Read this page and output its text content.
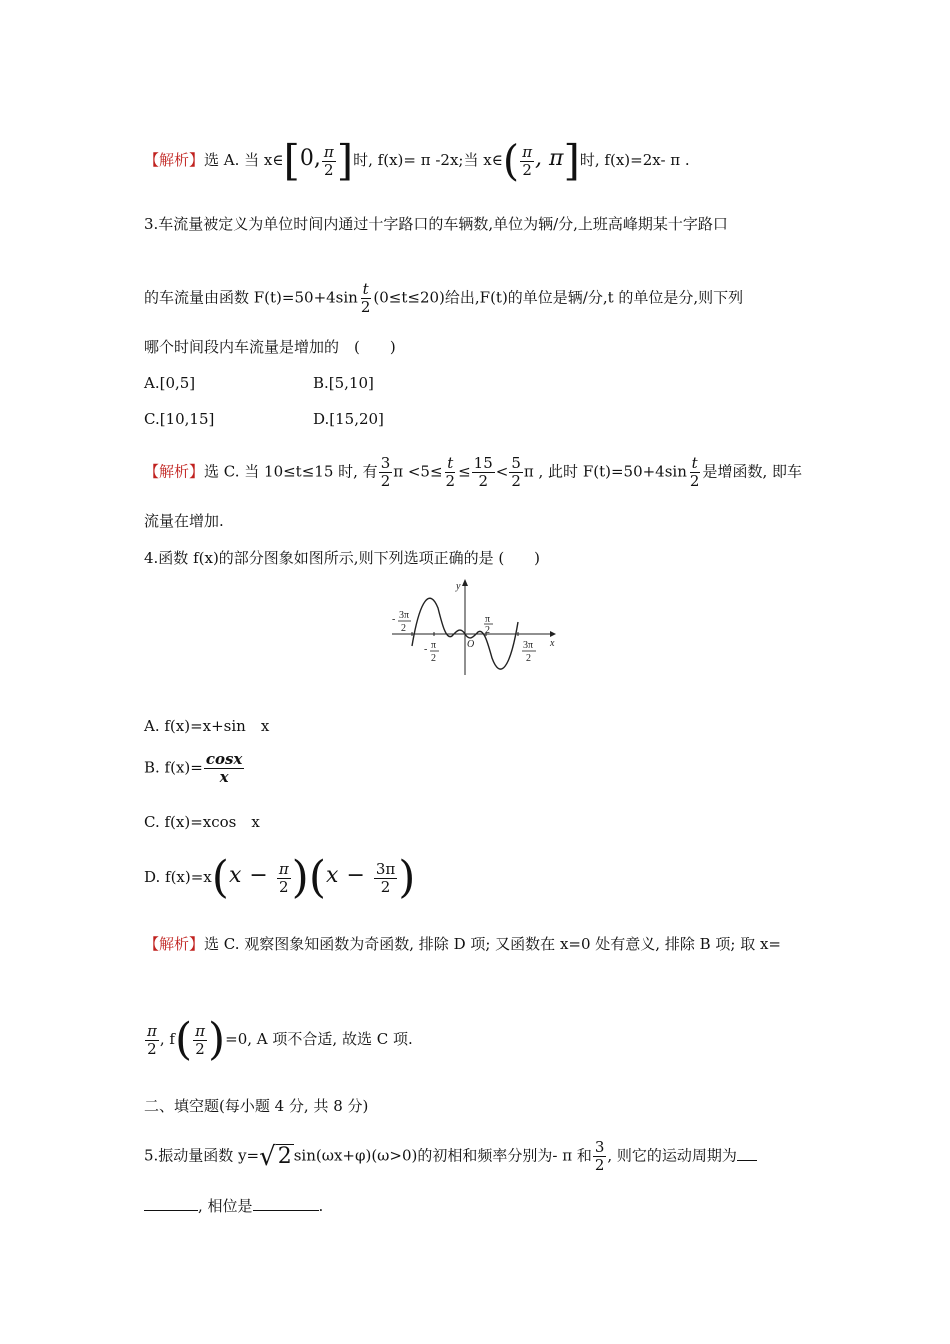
【解析】选 A. 当 x∈[0, $\frac{\pi}{2}$ ]时, f(x)= π -2x;当 x∈( $\frac{\pi}{2}$ , π]时, f(x)=2x- π .
3.车流量被定义为单位时间内通过十字路口的车辆数,单位为辆/分,上班高峰期某十字路口
的车流量由函数 $F(t)=50+4\sin \frac{t}{2} (0\le t\le 20)$给出,F(t)的单位是辆/分,t 的单位是分,则下列
哪个时间段内车流量是增加的　(　　)
A.[0,5]	B.[5,10]
C.[10,15]	D.[15,20]
【解析】选 C. 当 10≤t≤15 时, 有 $\frac{3}{2}$ $\pi <5\le \frac{t}{2} \le \frac{15}{2} < \frac{5}{2}$ π , 此时 $F(t)=50+4\sin \frac{t}{2}$ 是增函数, 即车
流量在增加.
4.函数 f(x)的部分图象如图所示,则下列选项正确的是 (　　)
y
x
O
- 3π
2
- π
2
π
2
3π
2
A. f(x)=x+sin　x
B. $f(x)= \frac{\cos x}{x}$
C. f(x)=xcos　x
D. $f(x)=x(x - \frac{\pi}{2} )(x - \frac{3\pi}{2}$ )
【解析】选 C. 观察图象知函数为奇函数, 排除 D 项; 又函数在 x=0 处有意义, 排除 B 项; 取 x=
$\frac{\pi}{2}$ , $f( \frac{\pi}{2} )=0$, A 项不合适, 故选 C 项.
二、填空题(每小题 4 分, 共 8 分)
5.振动量函数 y= √ 2 sin(ωx+φ)(ω>0)的初相和频率分别为- π 和 $\frac{3}{2}$ , 则它的运动周期为
, 相位是	.
